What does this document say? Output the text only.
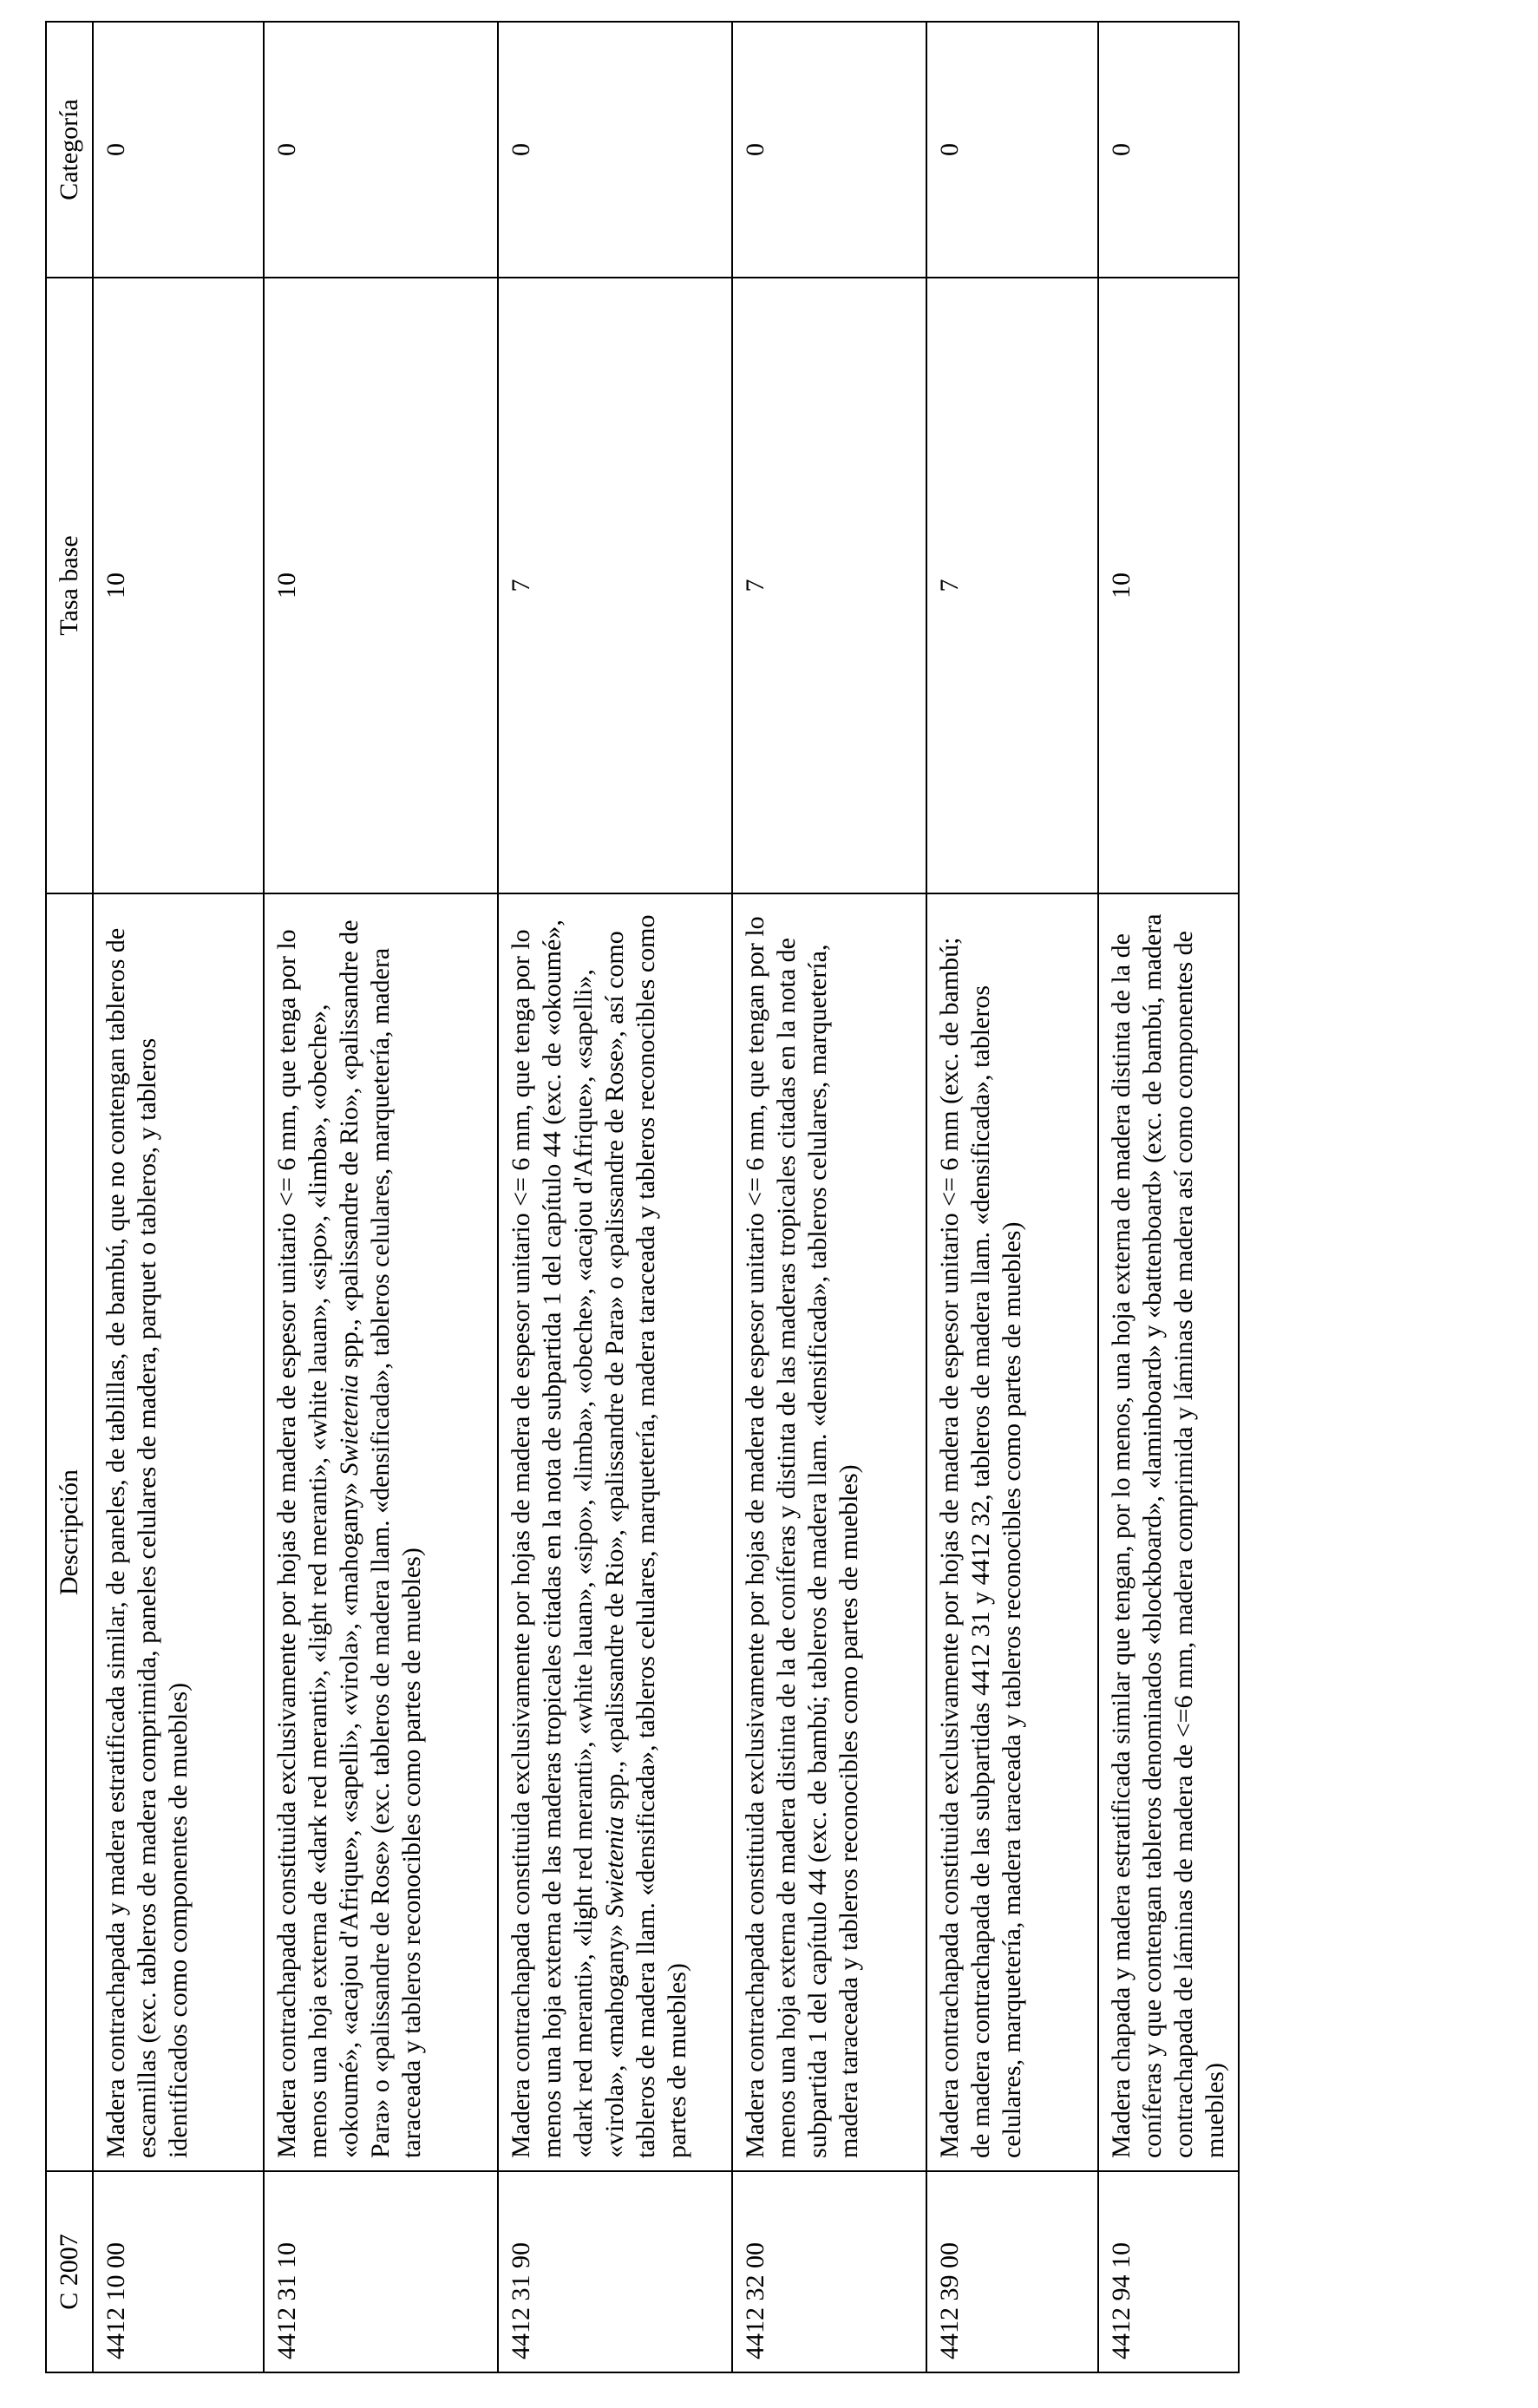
C 2007	Descripción	Tasa base	Categoría
4412 10 00	Madera contrachapada y madera estratificada similar, de paneles, de tablillas, de bambú, que no contengan tableros de escamillas (exc. tableros de madera comprimida, paneles celulares de madera, parquet o tableros, y tableros identificados como componentes de muebles)	10	0
4412 31 10	Madera contrachapada constituida exclusivamente por hojas de madera de espesor unitario <= 6 mm, que tenga por lo menos una hoja externa de «dark red meranti», «light red meranti», «white lauan», «sipo», «limba», «obeche», «okoumé», «acajou d'Afrique», «sapelli», «virola», «mahogany» Swietenia spp., «palissandre de Rio», «palissandre de Para» o «palissandre de Rose» (exc. tableros de madera llam. «densificada», tableros celulares, marquetería, madera taraceada y tableros reconocibles como partes de muebles)	10	0
4412 31 90	Madera contrachapada constituida exclusivamente por hojas de madera de espesor unitario <= 6 mm, que tenga por lo menos una hoja externa de las maderas tropicales citadas en la nota de subpartida 1 del capítulo 44 (exc. de «okoumé», «dark red meranti», «light red meranti», «white lauan», «sipo», «limba», «obeche», «acajou d'Afrique», «sapelli», «virola», «mahogany» Swietenia spp., «palissandre de Rio», «palissandre de Para» o «palissandre de Rose», así como tableros de madera llam. «densificada», tableros celulares, marquetería, madera taraceada y tableros reconocibles como partes de muebles)	7	0
4412 32 00	Madera contrachapada constituida exclusivamente por hojas de madera de espesor unitario <= 6 mm, que tengan por lo menos una hoja externa de madera distinta de la de coníferas y distinta de las maderas tropicales citadas en la nota de subpartida 1 del capítulo 44 (exc. de bambú; tableros de madera llam. «densificada», tableros celulares, marquetería, madera taraceada y tableros reconocibles como partes de muebles)	7	0
4412 39 00	Madera contrachapada constituida exclusivamente por hojas de madera de espesor unitario <= 6 mm (exc. de bambú; de madera contrachapada de las subpartidas 4412 31 y 4412 32, tableros de madera llam. «densificada», tableros celulares, marquetería, madera taraceada y tableros reconocibles como partes de muebles)	7	0
4412 94 10	Madera chapada y madera estratificada similar que tengan, por lo menos, una hoja externa de madera distinta de la de coníferas y que contengan tableros denominados «blockboard», «laminboard» y «battenboard» (exc. de bambú, madera contrachapada de láminas de madera de <=6 mm, madera comprimida y láminas de madera así como componentes de muebles)	10	0
